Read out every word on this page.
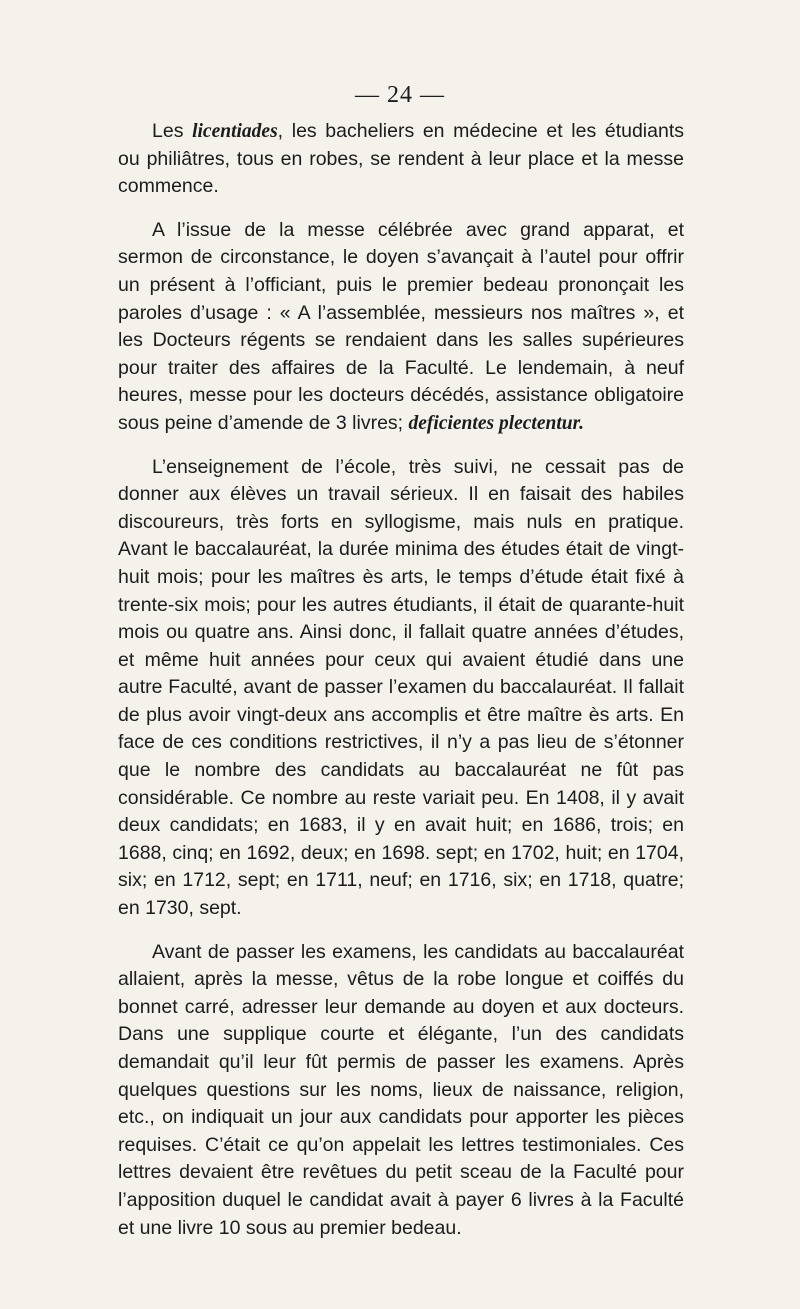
— 24 —

Les licentiades, les bacheliers en médecine et les étudiants ou philiâtres, tous en robes, se rendent à leur place et la messe commence.

A l’issue de la messe célébrée avec grand apparat, et sermon de circonstance, le doyen s’avançait à l’autel pour offrir un présent à l’officiant, puis le premier bedeau prononçait les paroles d’usage : « A l’assemblée, messieurs nos maîtres », et les Docteurs régents se rendaient dans les salles supérieures pour traiter des affaires de la Faculté. Le lendemain, à neuf heures, messe pour les docteurs décédés, assistance obligatoire sous peine d’amende de 3 livres; deficientes plectentur.

L’enseignement de l’école, très suivi, ne cessait pas de donner aux élèves un travail sérieux. Il en faisait des habiles discoureurs, très forts en syllogisme, mais nuls en pratique. Avant le baccalauréat, la durée minima des études était de vingt-huit mois; pour les maîtres ès arts, le temps d’étude était fixé à trente-six mois; pour les autres étudiants, il était de quarante-huit mois ou quatre ans. Ainsi donc, il fallait quatre années d’études, et même huit années pour ceux qui avaient étudié dans une autre Faculté, avant de passer l’examen du baccalauréat. Il fallait de plus avoir vingt-deux ans accomplis et être maître ès arts. En face de ces conditions restrictives, il n’y a pas lieu de s’étonner que le nombre des candidats au baccalauréat ne fût pas considérable. Ce nombre au reste variait peu. En 1408, il y avait deux candidats; en 1683, il y en avait huit; en 1686, trois; en 1688, cinq; en 1692, deux; en 1698. sept; en 1702, huit; en 1704, six; en 1712, sept; en 1711, neuf; en 1716, six; en 1718, quatre; en 1730, sept.

Avant de passer les examens, les candidats au baccalauréat allaient, après la messe, vêtus de la robe longue et coiffés du bonnet carré, adresser leur demande au doyen et aux docteurs. Dans une supplique courte et élégante, l’un des candidats demandait qu’il leur fût permis de passer les examens. Après quelques questions sur les noms, lieux de naissance, religion, etc., on indiquait un jour aux candidats pour apporter les pièces requises. C’était ce qu’on appelait les lettres testimoniales. Ces lettres devaient être revêtues du petit sceau de la Faculté pour l’apposition duquel le candidat avait à payer 6 livres à la Faculté et une livre 10 sous au premier bedeau.
